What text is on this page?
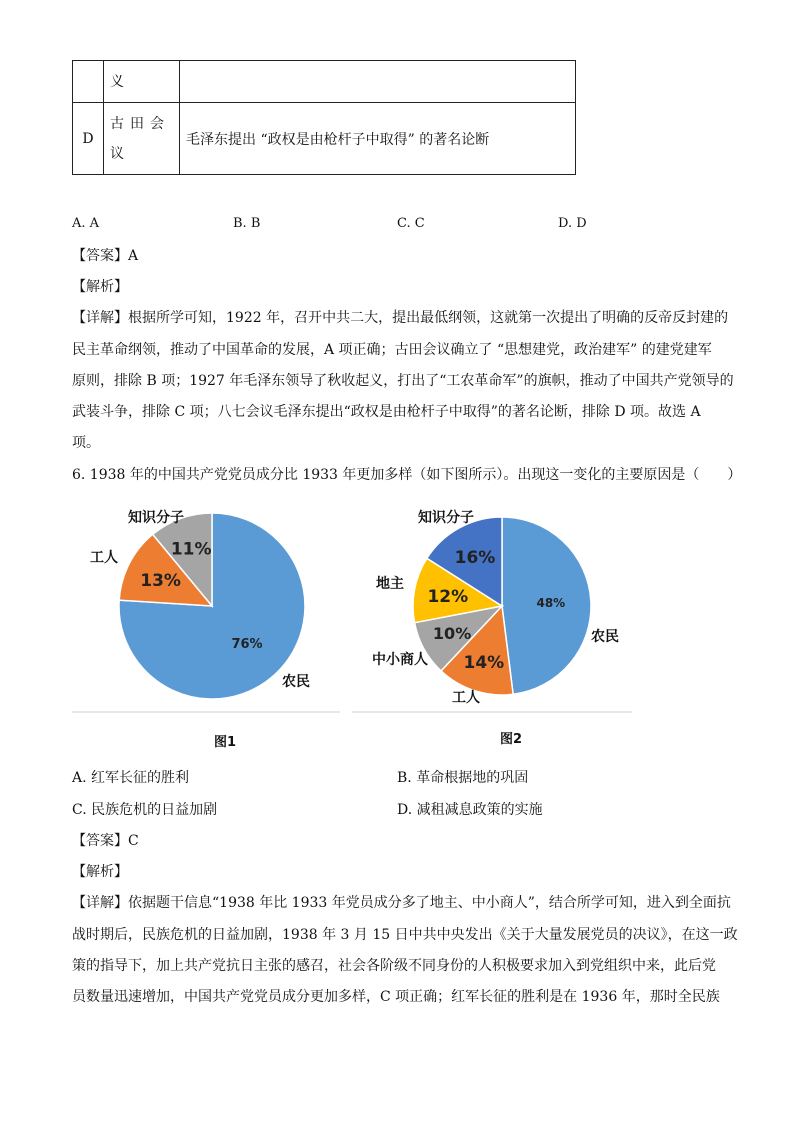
	义	
D	古田会
议	毛泽东提出 “政权是由枪杆子中取得” 的著名论断
A. A	B. B	C. C	D. D
【答案】A
【解析】
【详解】根据所学可知，1922 年，召开中共二大，提出最低纲领，这就第一次提出了明确的反帝反封建的
民主革命纲领，推动了中国革命的发展，A 项正确；古田会议确立了 “思想建党，政治建军” 的建党建军
原则，排除 B 项；1927 年毛泽东领导了秋收起义，打出了“工农革命军”的旗帜，推动了中国共产党领导的
武装斗争，排除 C 项；八七会议毛泽东提出“政权是由枪杆子中取得”的著名论断，排除 D 项。故选 A
项。
6. 1938 年的中国共产党党员成分比 1933 年更加多样（如下图所示）。出现这一变化的主要原因是（　　）
76%
农民
13%
工人	11%
知识分子
图1
48%
农民
14%
工人
10%
中小商人
12%
地主
16%
知识分子
图2
A. 红军长征的胜利	B. 革命根据地的巩固
C. 民族危机的日益加剧	D. 减租减息政策的实施
【答案】C
【解析】
【详解】依据题干信息“1938 年比 1933 年党员成分多了地主、中小商人”，结合所学可知，进入到全面抗
战时期后，民族危机的日益加剧，1938 年 3 月 15 日中共中央发出《关于大量发展党员的决议》，在这一政
策的指导下，加上共产党抗日主张的感召，社会各阶级不同身份的人积极要求加入到党组织中来，此后党
员数量迅速增加，中国共产党党员成分更加多样，C 项正确；红军长征的胜利是在 1936 年，那时全民族
